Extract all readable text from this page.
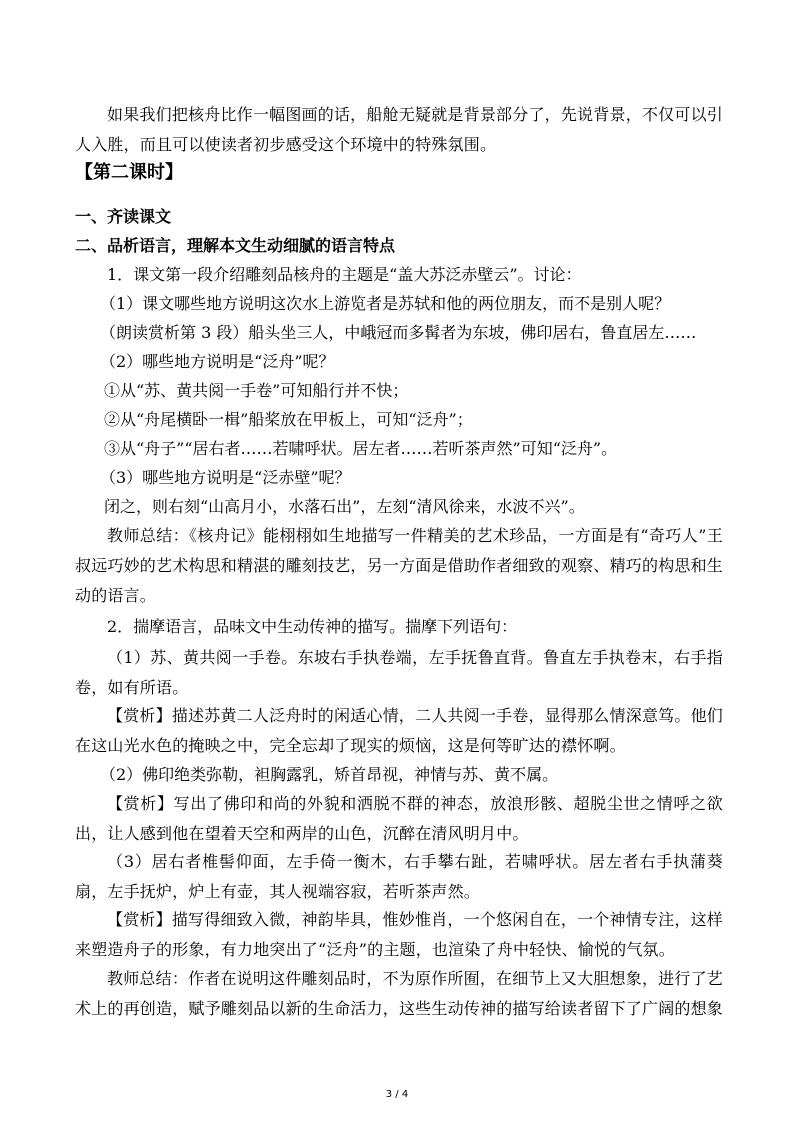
如果我们把核舟比作一幅图画的话，船舱无疑就是背景部分了，先说背景，不仅可以引人入胜，而且可以使读者初步感受这个环境中的特殊氛围。

【第二课时】

一、齐读课文

二、品析语言，理解本文生动细腻的语言特点

1．课文第一段介绍雕刻品核舟的主题是“盖大苏泛赤壁云”。讨论：

（1）课文哪些地方说明这次水上游览者是苏轼和他的两位朋友，而不是别人呢？

（朗读赏析第 3 段）船头坐三人，中峨冠而多髯者为东坡，佛印居右，鲁直居左……

（2）哪些地方说明是“泛舟”呢？

①从“苏、黄共阅一手卷”可知船行并不快；

②从“舟尾横卧一楫”船桨放在甲板上，可知“泛舟”；

③从“舟子”“居右者……若啸呼状。居左者……若听茶声然”可知“泛舟”。

（3）哪些地方说明是“泛赤壁”呢？

闭之，则右刻“山高月小，水落石出”，左刻“清风徐来，水波不兴”。

教师总结：《核舟记》能栩栩如生地描写一件精美的艺术珍品，一方面是有“奇巧人”王叔远巧妙的艺术构思和精湛的雕刻技艺，另一方面是借助作者细致的观察、精巧的构思和生动的语言。

2．揣摩语言，品味文中生动传神的描写。揣摩下列语句：

（1）苏、黄共阅一手卷。东坡右手执卷端，左手抚鲁直背。鲁直左手执卷末，右手指卷，如有所语。

【赏析】描述苏黄二人泛舟时的闲适心情，二人共阅一手卷，显得那么情深意笃。他们在这山光水色的掩映之中，完全忘却了现实的烦恼，这是何等旷达的襟怀啊。

（2）佛印绝类弥勒，袒胸露乳，矫首昂视，神情与苏、黄不属。

【赏析】写出了佛印和尚的外貌和洒脱不群的神态，放浪形骸、超脱尘世之情呼之欲出，让人感到他在望着天空和两岸的山色，沉醉在清风明月中。

（3）居右者椎髻仰面，左手倚一衡木，右手攀右趾，若啸呼状。居左者右手执蒲葵扇，左手抚炉，炉上有壶，其人视端容寂，若听茶声然。

【赏析】描写得细致入微，神韵毕具，惟妙惟肖，一个悠闲自在，一个神情专注，这样来塑造舟子的形象，有力地突出了“泛舟”的主题，也渲染了舟中轻快、愉悦的气氛。

教师总结：作者在说明这件雕刻品时，不为原作所囿，在细节上又大胆想象，进行了艺术上的再创造，赋予雕刻品以新的生命活力，这些生动传神的描写给读者留下了广阔的想象

3 / 4
